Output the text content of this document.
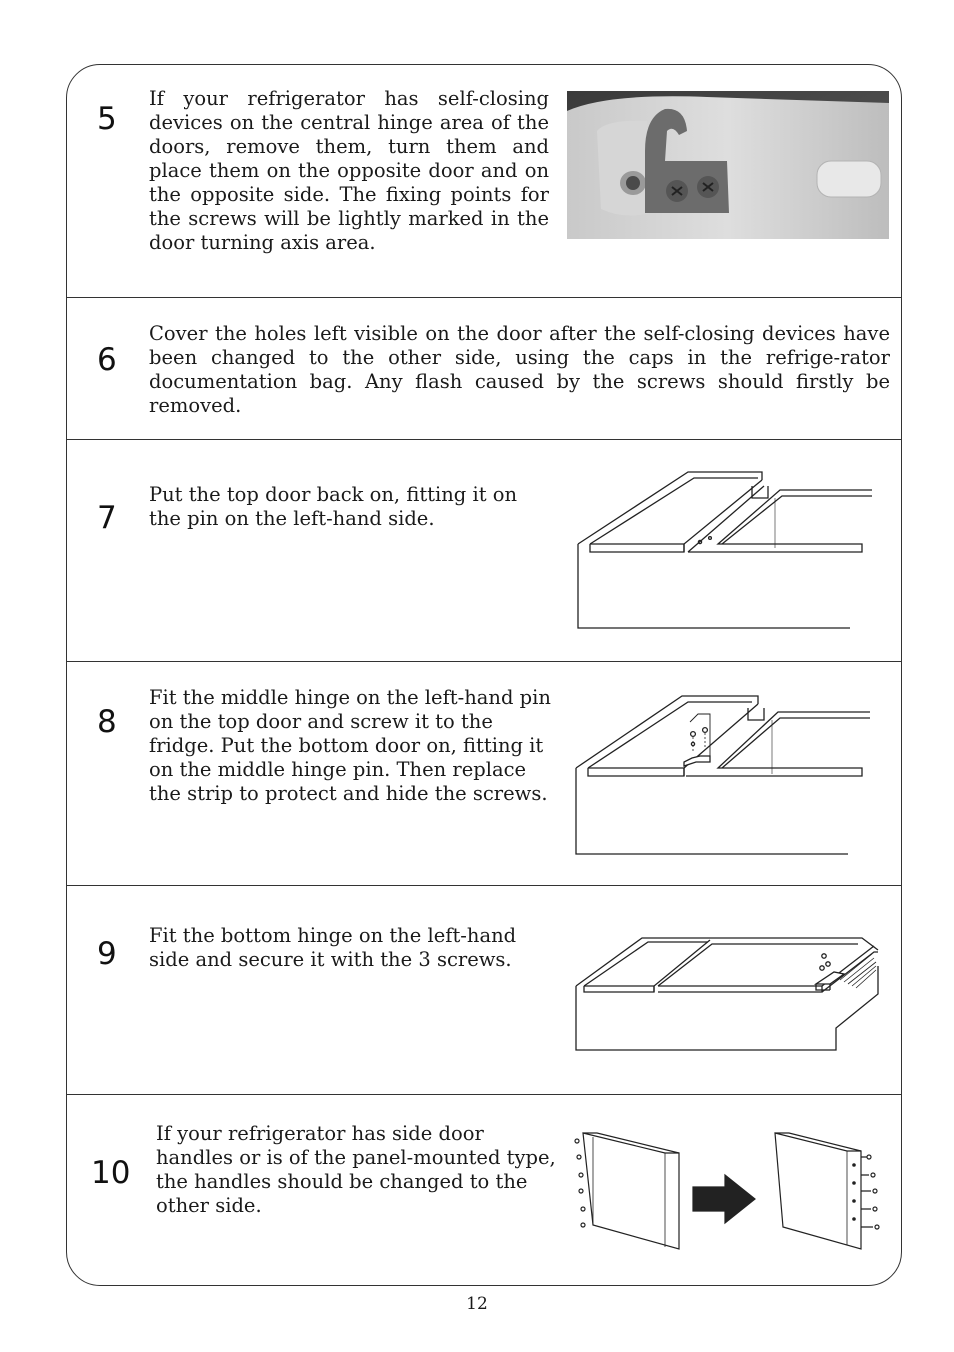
5
If your refrigerator has self-closing devices on the central hinge area of the doors, remove them, turn them and place them on the opposite door and on the opposite side. The fixing points for the screws will be lightly marked in the door turning axis area.
6
Cover the holes left visible on the door after the self-closing devices have been changed to the other side, using the caps in the refrige-rator documentation bag. Any flash caused by the screws should firstly be removed.
7
Put the top door back on, fitting it on the pin on the left-hand side.
8
Fit the middle hinge on the left-hand pin on the top door and screw it to the fridge. Put the bottom door on, fitting it on the middle hinge pin. Then replace the strip to protect and hide the screws.
9
Fit the bottom hinge on the left-hand side and secure it with the 3 screws.
10
If your refrigerator has side door handles or is of the panel-mounted type, the handles should be changed to the other side.
12
